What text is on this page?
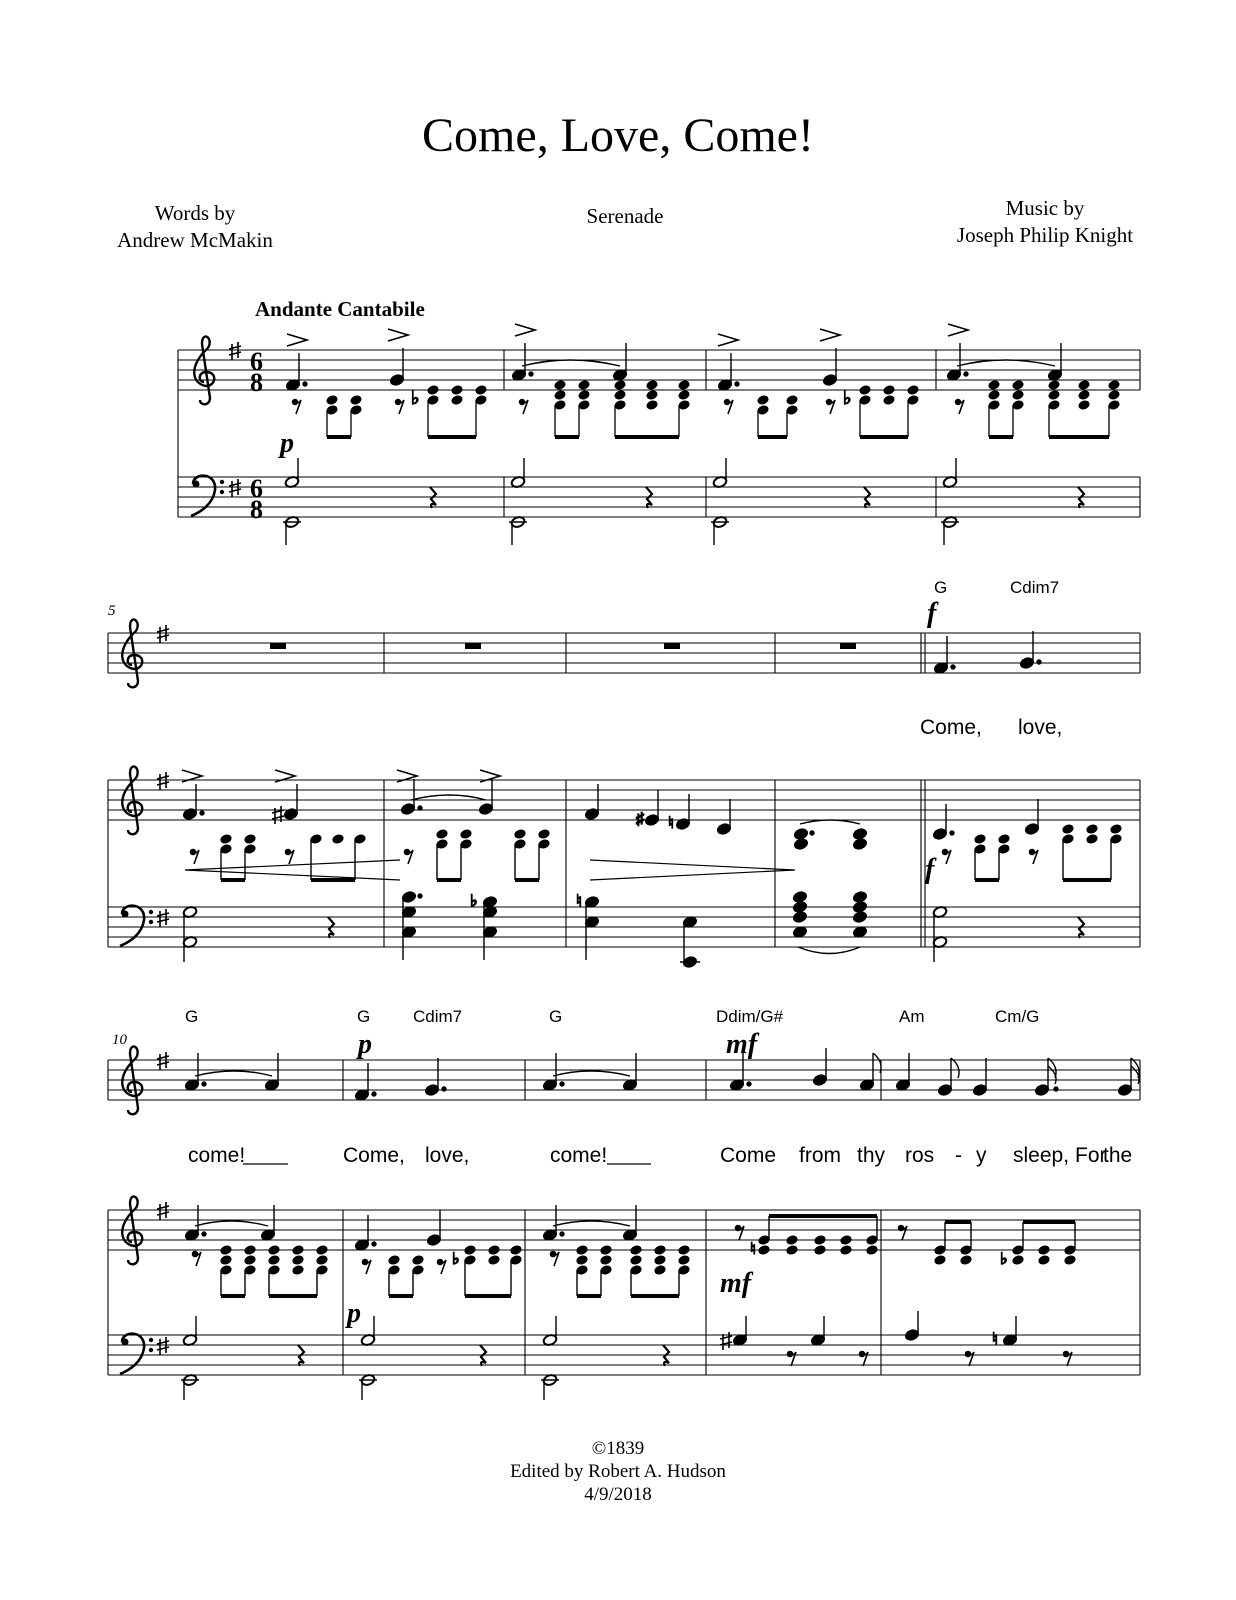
Come, Love, Come!
Words by
Andrew McMakin
Serenade	Music by
Joseph Philip Knight
Andante Cantabile
6
8
6
8
♭	♭
p
5
G	Cdim7
f
Come, love,
♯ ♮
f
♭	♮
10
G	G	Cdim7	G	Ddim/G#	Am	Cm/G
p	mf
come!	Come, love,	come!	Come from thy ros - y sleep, For
the
♭
♮
♭
p
mf
♮
©1839
Edited by Robert A. Hudson
4/9/2018
